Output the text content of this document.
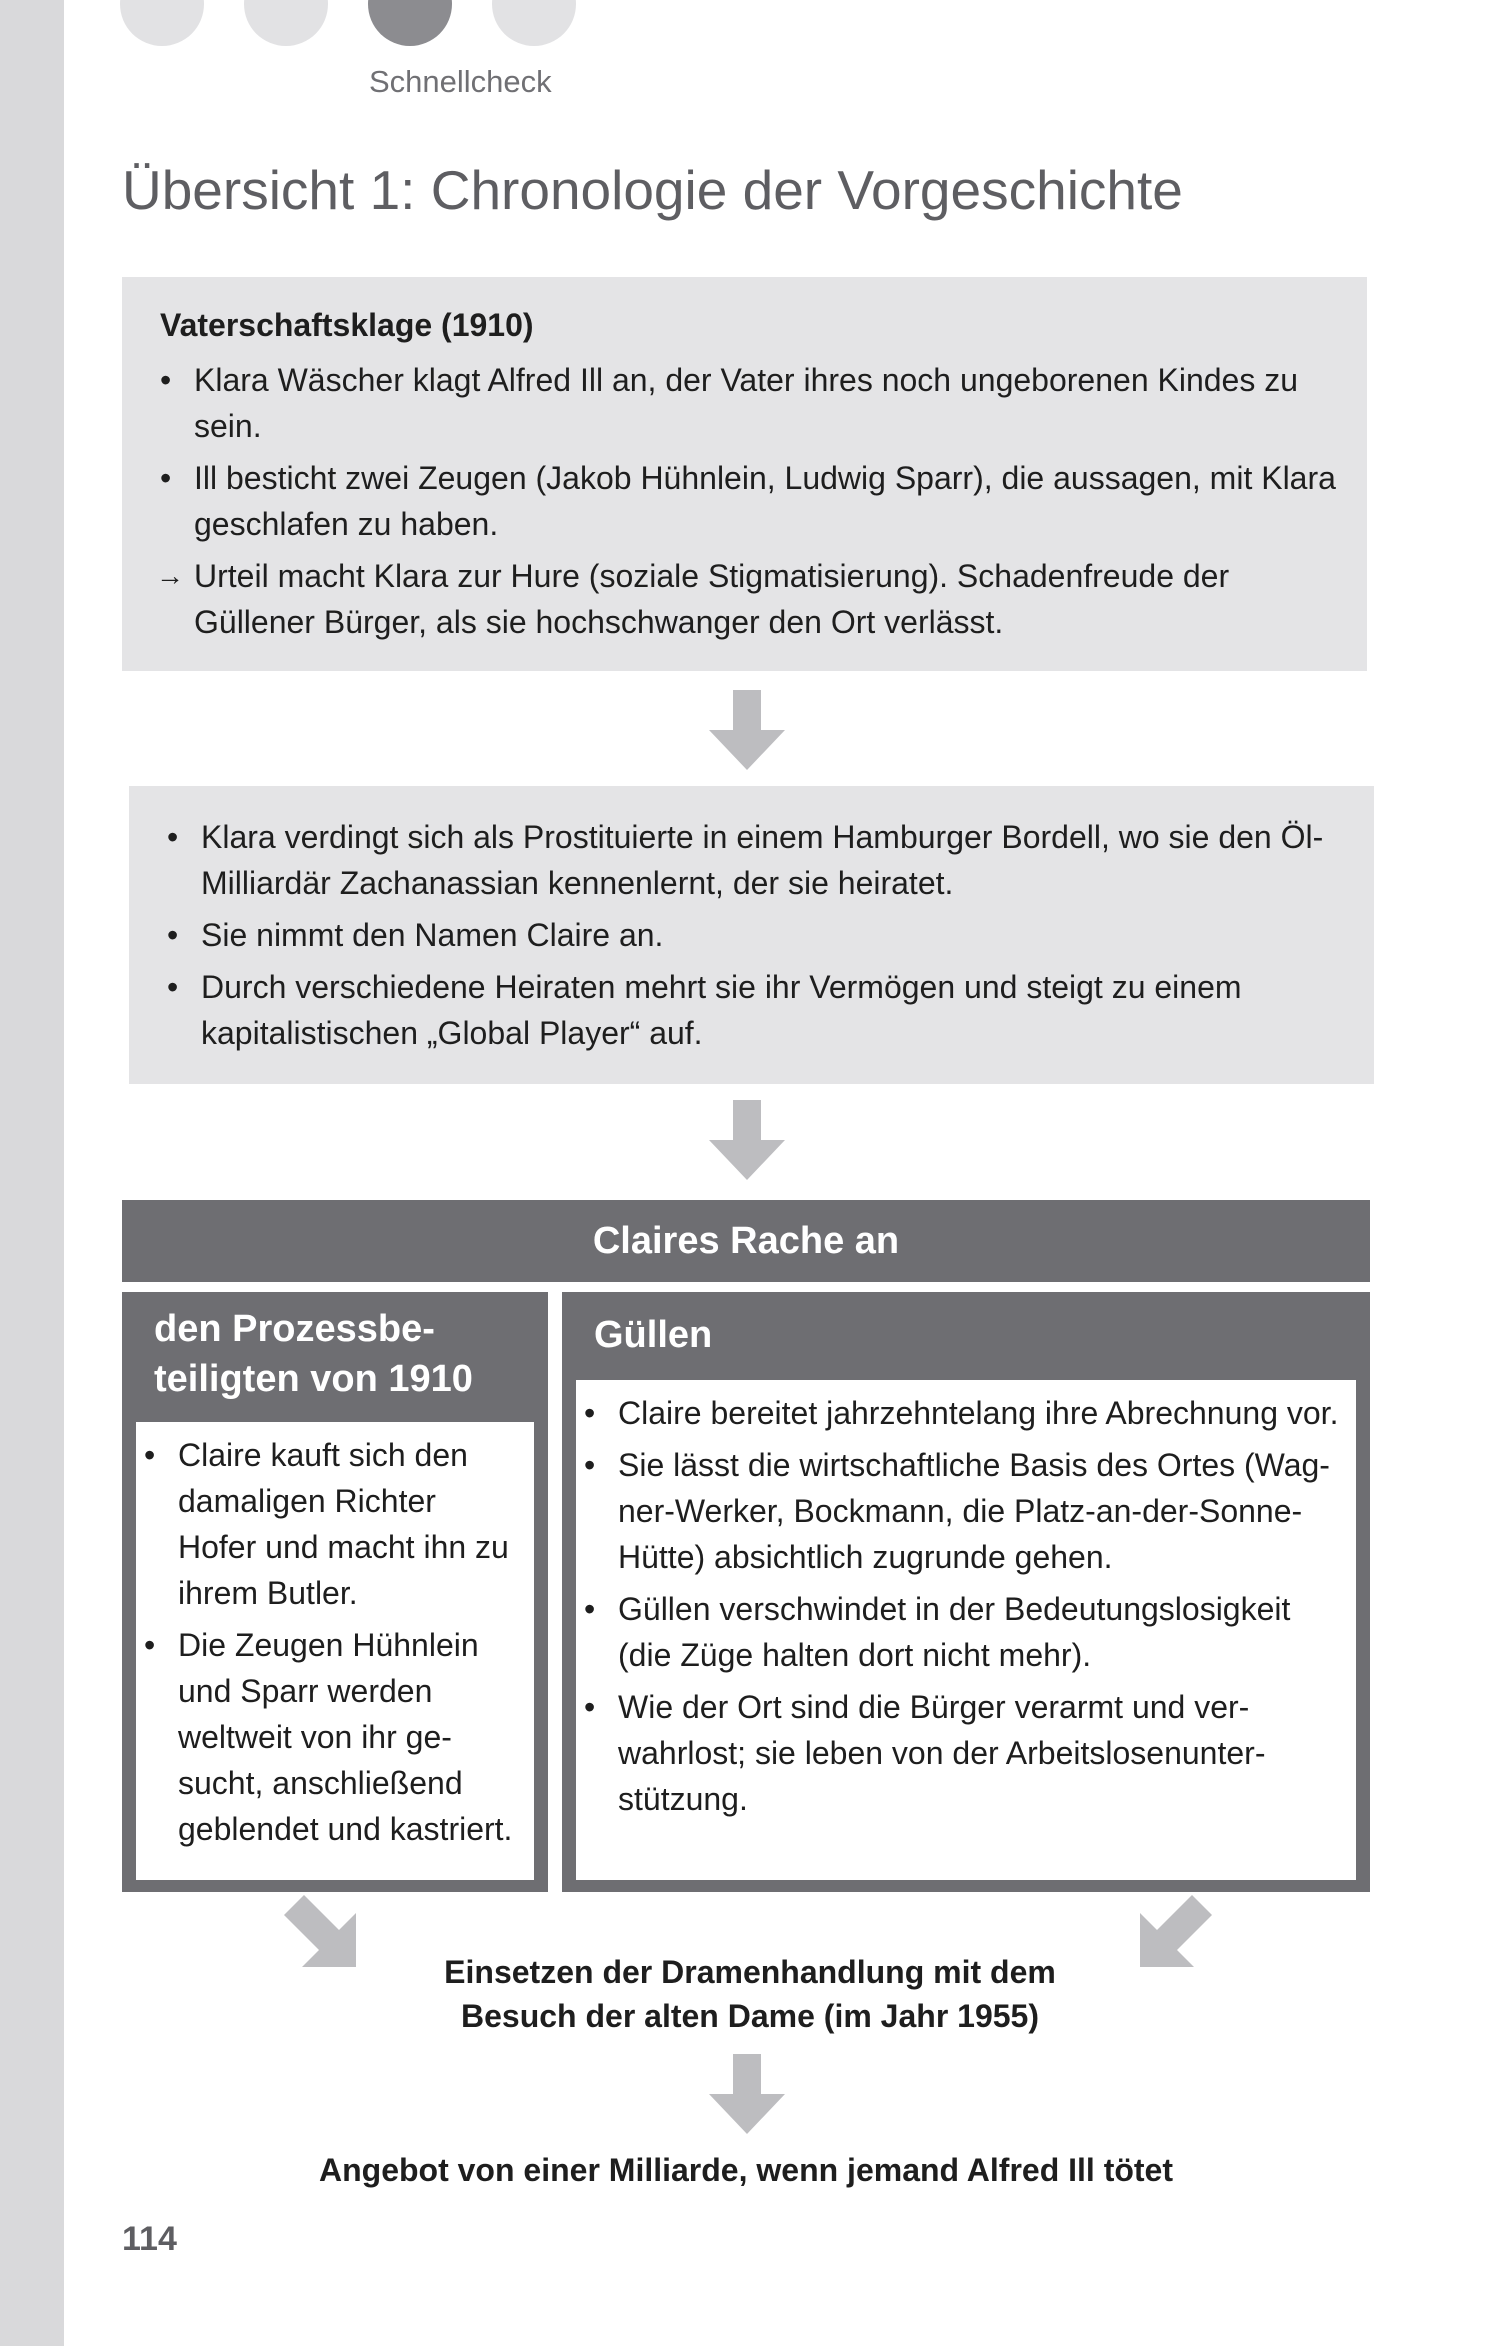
Schnellcheck
Übersicht 1: Chronologie der Vorgeschichte
Vaterschaftsklage (1910)
• Klara Wäscher klagt Alfred Ill an, der Vater ihres noch ungeborenen Kindes zu sein.
• Ill besticht zwei Zeugen (Jakob Hühnlein, Ludwig Sparr), die aussagen, mit Klara geschlafen zu haben.
→ Urteil macht Klara zur Hure (soziale Stigmatisierung). Schadenfreude der Güllener Bürger, als sie hochschwanger den Ort verlässt.
• Klara verdingt sich als Prostituierte in einem Hamburger Bordell, wo sie den Öl-Milliardär Zachanassian kennenlernt, der sie heiratet.
• Sie nimmt den Namen Claire an.
• Durch verschiedene Heiraten mehrt sie ihr Vermögen und steigt zu einem kapitalistischen „Global Player“ auf.
Claires Rache an
den Prozessbeteiligten von 1910
• Claire kauft sich den damaligen Richter Hofer und macht ihn zu ihrem Butler.
• Die Zeugen Hühnlein und Sparr werden weltweit von ihr gesucht, anschließend geblendet und kastriert.
Güllen
• Claire bereitet jahrzehntelang ihre Abrechnung vor.
• Sie lässt die wirtschaftliche Basis des Ortes (Wagner-Werker, Bockmann, die Platz-an-der-Sonne-Hütte) absichtlich zugrunde gehen.
• Güllen verschwindet in der Bedeutungslosigkeit (die Züge halten dort nicht mehr).
• Wie der Ort sind die Bürger verarmt und verwahrlost; sie leben von der Arbeitslosenunterstützung.
Einsetzen der Dramenhandlung mit dem
Besuch der alten Dame (im Jahr 1955)
Angebot von einer Milliarde, wenn jemand Alfred Ill tötet
114
